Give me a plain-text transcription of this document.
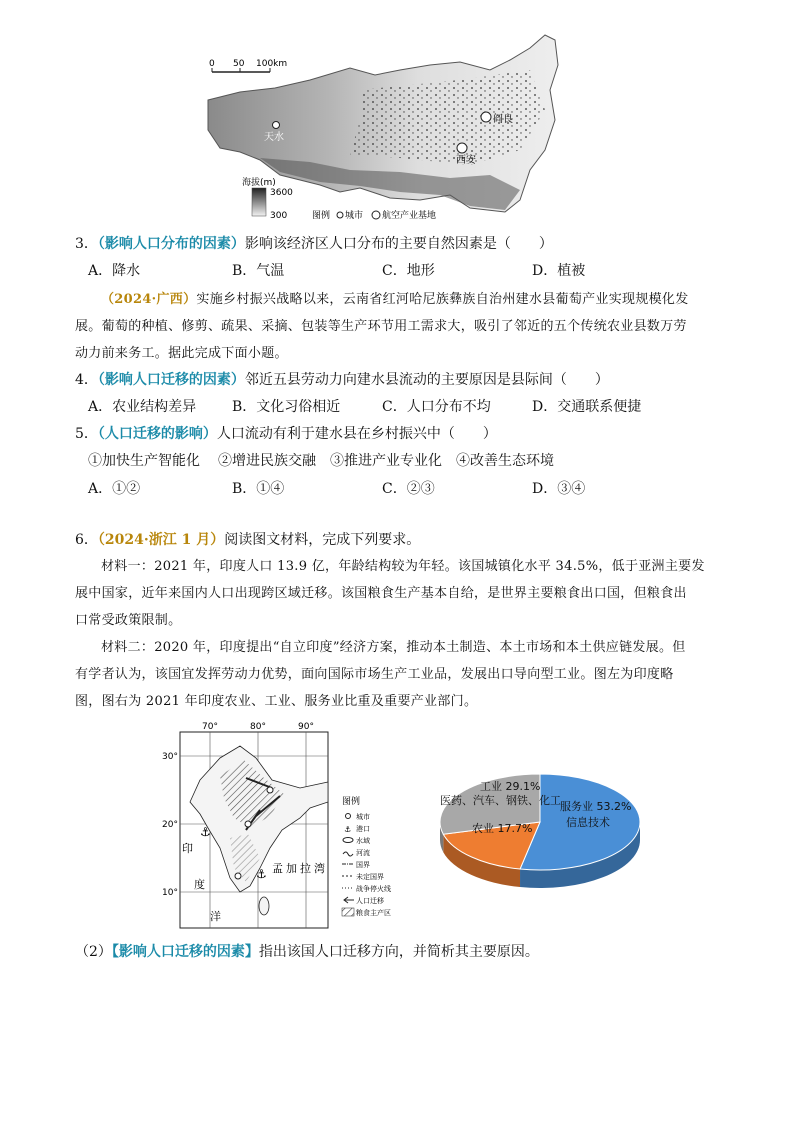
0 50 100km
天水
阎良
西安
海拔(m)
3600
300	图例 城市 航空产业基地
3．（影响人口分布的因素）影响该经济区人口分布的主要自然因素是（　　）
A．降水	B．气温	C．地形	D．植被
（2024·广西）实施乡村振兴战略以来，云南省红河哈尼族彝族自治州建水县葡萄产业实现规模化发
展。葡萄的种植、修剪、疏果、采摘、包装等生产环节用工需求大，吸引了邻近的五个传统农业县数万劳
动力前来务工。据此完成下面小题。
4．（影响人口迁移的因素）邻近五县劳动力向建水县流动的主要原因是县际间（　　）
A．农业结构差异	B．文化习俗相近	C．人口分布不均	D．交通联系便捷
5．（人口迁移的影响）人口流动有利于建水县在乡村振兴中（　　）
①加快生产智能化 ②增进民族交融 ③推进产业专业化 ④改善生态环境
A．①②	B．①④	C．②③	D．③④
6．（2024·浙江 1 月）阅读图文材料，完成下列要求。
材料一：2021 年，印度人口 13.9 亿，年龄结构较为年轻。该国城镇化水平 34.5%，低于亚洲主要发
展中国家，近年来国内人口出现跨区域迁移。该国粮食生产基本自给，是世界主要粮食出口国，但粮食出
口常受政策限制。
材料二：2020 年，印度提出“自立印度”经济方案，推动本土制造、本土市场和本土供应链发展。但
有学者认为，该国宜发挥劳动力优势，面向国际市场生产工业品，发展出口导向型工业。图左为印度略
图，图右为 2021 年印度农业、工业、服务业比重及重要产业部门。
70°	80°	90°
30°
20°
10°
⚓
⚓
印
度
洋
孟加拉湾
图例
城市
港口
水域
河流
国界
未定国界
战争停火线
人口迁移
粮食主产区
⚓
服务业 53.2%
信息技术
工业 29.1%
医药、汽车、钢铁、化工
农业 17.7%
（2）【影响人口迁移的因素】指出该国人口迁移方向，并简析其主要原因。
